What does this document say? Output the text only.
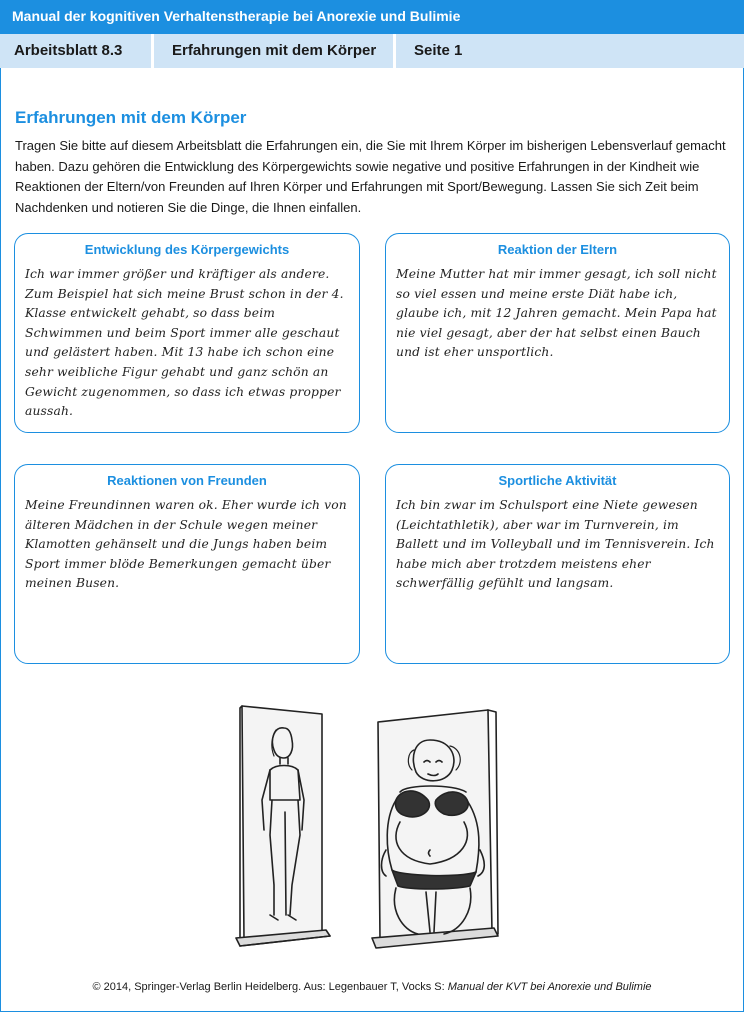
Manual der kognitiven Verhaltenstherapie bei Anorexie und Bulimie
Arbeitsblatt 8.3	Erfahrungen mit dem Körper	Seite 1
Erfahrungen mit dem Körper
Tragen Sie bitte auf diesem Arbeitsblatt die Erfahrungen ein, die Sie mit Ihrem Körper im bisherigen Lebensverlauf gemacht haben. Dazu gehören die Entwicklung des Körpergewichts sowie negative und positive Erfahrungen in der Kindheit wie Reaktionen der Eltern/von Freunden auf Ihren Körper und Erfahrungen mit Sport/Bewegung. Lassen Sie sich Zeit beim Nachdenken und notieren Sie die Dinge, die Ihnen einfallen.
Entwicklung des Körpergewichts
Ich war immer größer und kräftiger als andere. Zum Beispiel hat sich meine Brust schon in der 4. Klasse entwickelt gehabt, so dass beim Schwimmen und beim Sport immer alle geschaut und gelästert haben. Mit 13 habe ich schon eine sehr weibliche Figur gehabt und ganz schön an Gewicht zugenommen, so dass ich etwas propper aussah.
Reaktion der Eltern
Meine Mutter hat mir immer gesagt, ich soll nicht so viel essen und meine erste Diät habe ich, glaube ich, mit 12 Jahren gemacht. Mein Papa hat nie viel gesagt, aber der hat selbst einen Bauch und ist eher unsportlich.
Reaktionen von Freunden
Meine Freundinnen waren ok. Eher wurde ich von älteren Mädchen in der Schule wegen meiner Klamotten gehänselt und die Jungs haben beim Sport immer blöde Bemerkungen gemacht über meinen Busen.
Sportliche Aktivität
Ich bin zwar im Schulsport eine Niete gewesen (Leichtathletik), aber war im Turnverein, im Ballett und im Volleyball und im Tennisverein. Ich habe mich aber trotzdem meistens eher schwerfällig gefühlt und langsam.
© 2014, Springer-Verlag Berlin Heidelberg. Aus: Legenbauer T, Vocks S: Manual der KVT bei Anorexie und Bulimie
